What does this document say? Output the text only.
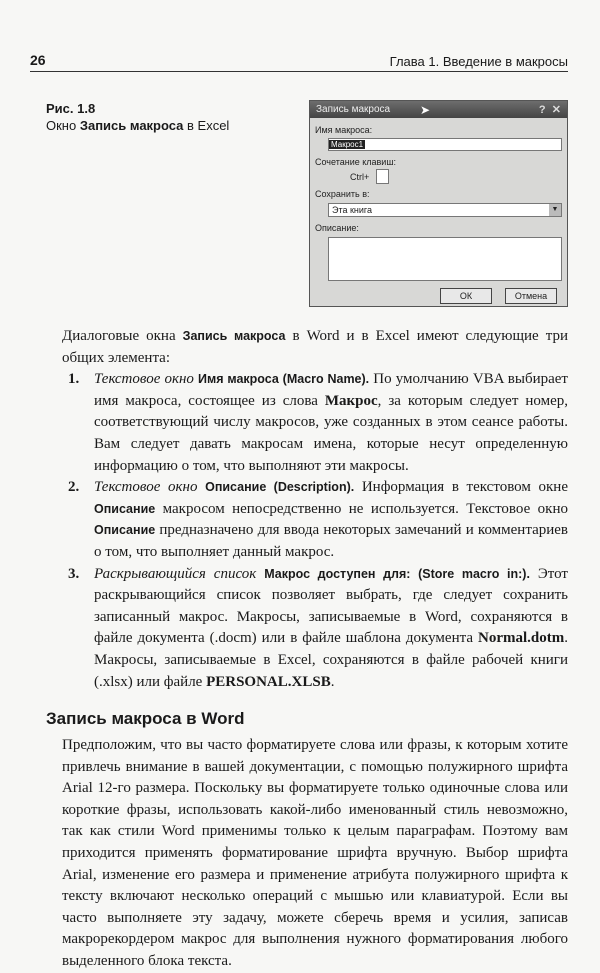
26	Глава 1. Введение в макросы
Рис. 1.8
Окно Запись макроса в Excel
Запись макроса ➤	? ✕
Имя макроса:
Макрос1
Сочетание клавиш:
Ctrl+
Сохранить в:
Эта книга	▼
Описание:
ОК	Отмена

Диалоговые окна Запись макроса в Word и в Excel имеют следующие три общих элемента:

1. Текстовое окно Имя макроса (Macro Name). По умолчанию VBA выбирает имя макроса, состоящее из слова Макрос, за которым следует номер, соответствующий числу макросов, уже созданных в этом сеансе работы. Вам следует давать макросам имена, которые несут определенную информацию о том, что выполняют эти макросы.
2. Текстовое окно Описание (Description). Информация в текстовом окне Описание макросом непосредственно не используется. Текстовое окно Описание предназначено для ввода некоторых замечаний и комментариев о том, что выполняет данный макрос.
3. Раскрывающийся список Макрос доступен для: (Store macro in:). Этот раскрывающийся список позволяет выбрать, где следует сохранить записанный макрос. Макросы, записываемые в Word, сохраняются в файле документа (.docm) или в файле шаблона документа Normal.dotm. Макросы, записываемые в Excel, сохраняются в файле рабочей книги (.xlsx) или файле PERSONAL.XLSB.
Запись макроса в Word

Предположим, что вы часто форматируете слова или фразы, к которым хотите привлечь внимание в вашей документации, с помощью полужирного шрифта Arial 12-го размера. Поскольку вы форматируете только одиночные слова или короткие фразы, использовать какой-либо именованный стиль невозможно, так как стили Word применимы только к целым параграфам. Поэтому вам приходится применять форматирование шрифта вручную. Выбор шрифта Arial, изменение его размера и применение атрибута полужирного шрифта к тексту включают несколько операций с мышью или клавиатурой. Если вы часто выполняете эту задачу, можете сберечь время и усилия, записав макрорекордером макрос для выполнения нужного форматирования любого выделенного блока текста.
